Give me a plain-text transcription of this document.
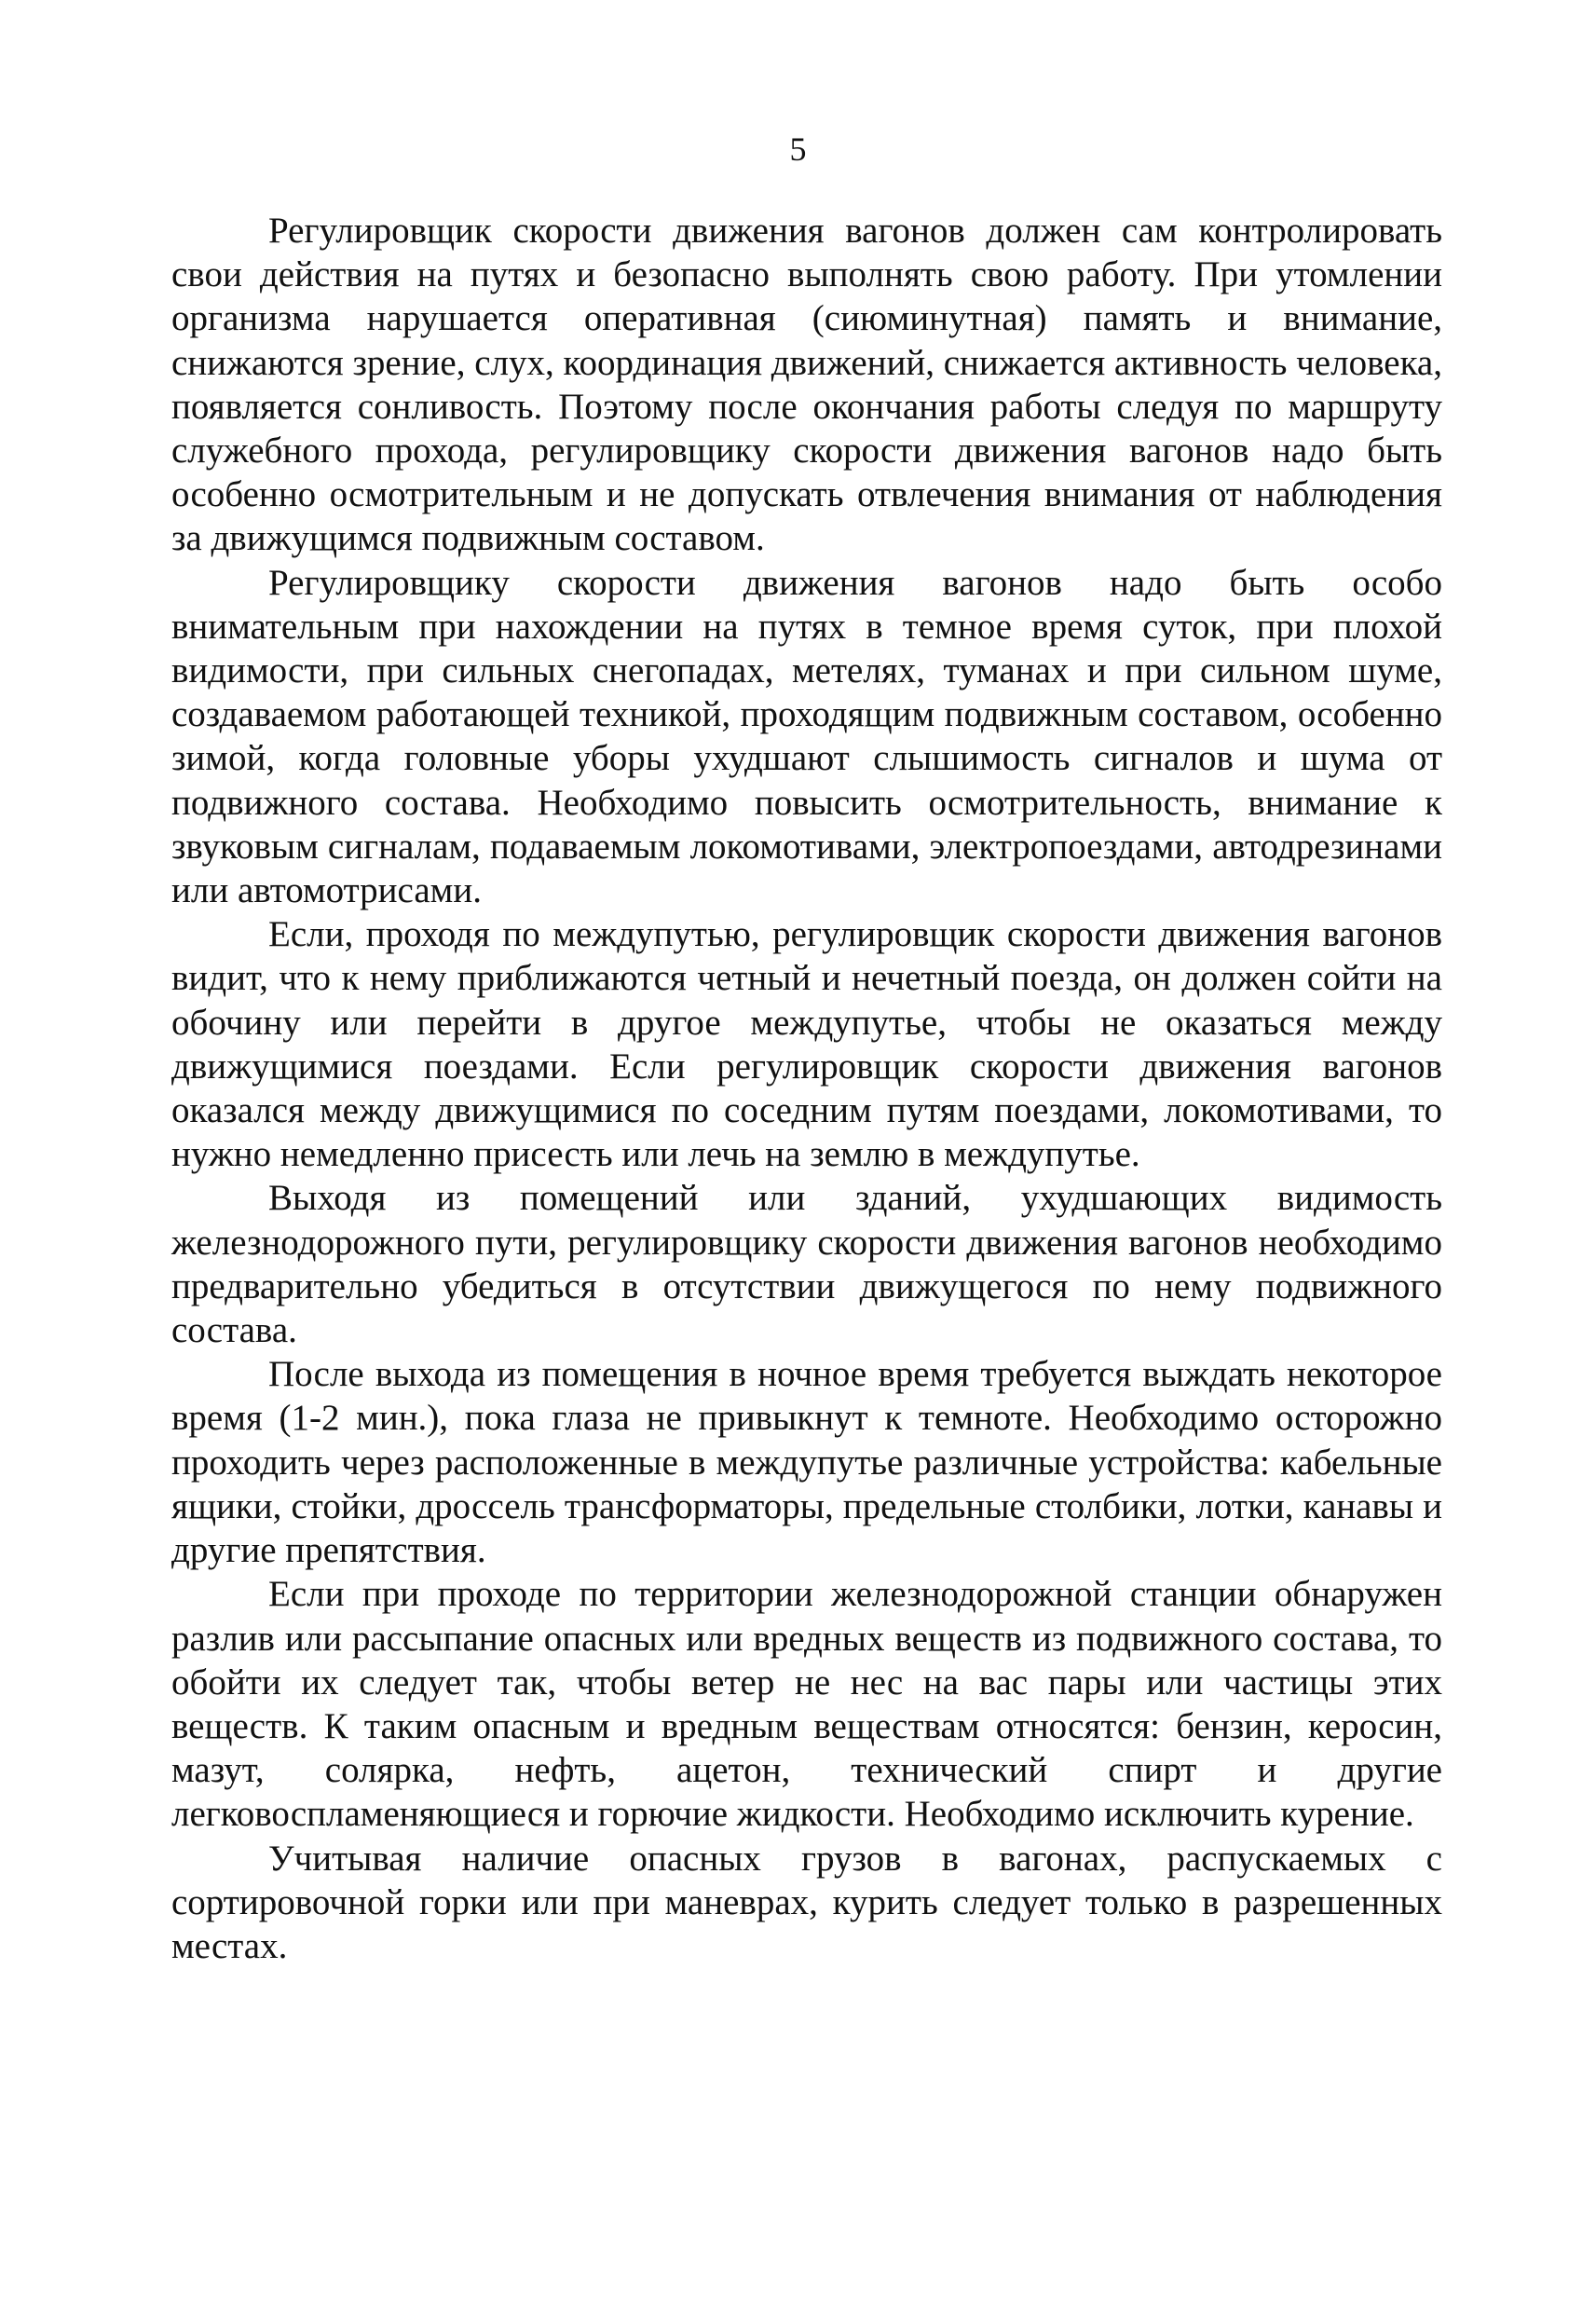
5

Регулировщик скорости движения вагонов должен сам контролировать свои действия на путях и безопасно выполнять свою работу. При утомлении организма нарушается оперативная (сиюминутная) память и внимание, снижаются зрение, слух, координация движений, снижается активность человека, появляется сонливость. Поэтому после окончания работы следуя по маршруту служебного прохода, регулировщику скорости движения вагонов надо быть особенно осмотрительным и не допускать отвлечения внимания от наблюдения за движущимся подвижным составом.

Регулировщику скорости движения вагонов надо быть особо внимательным при нахождении на путях в темное время суток, при плохой видимости, при сильных снегопадах, метелях, туманах и при сильном шуме, создаваемом работающей техникой, проходящим подвижным составом, особенно зимой, когда головные уборы ухудшают слышимость сигналов и шума от подвижного состава. Необходимо повысить осмотрительность, внимание к звуковым сигналам, подаваемым локомотивами, электропоездами, автодрезинами или автомотрисами.

Если, проходя по междупутью, регулировщик скорости движения вагонов видит, что к нему приближаются четный и нечетный поезда, он должен сойти на обочину или перейти в другое междупутье, чтобы не оказаться между движущимися поездами. Если регулировщик скорости движения вагонов оказался между движущимися по соседним путям поездами, локомотивами, то нужно немедленно присесть или лечь на землю в междупутье.

Выходя из помещений или зданий, ухудшающих видимость железнодорожного пути, регулировщику скорости движения вагонов необходимо предварительно убедиться в отсутствии движущегося по нему подвижного состава.

После выхода из помещения в ночное время требуется выждать некоторое время (1-2 мин.), пока глаза не привыкнут к темноте. Необходимо осторожно проходить через расположенные в междупутье различные устройства: кабельные ящики, стойки, дроссель трансформаторы, предельные столбики, лотки, канавы и другие препятствия.

Если при проходе по территории железнодорожной станции обнаружен разлив или рассыпание опасных или вредных веществ из подвижного состава, то обойти их следует так, чтобы ветер не нес на вас пары или частицы этих веществ. К таким опасным и вредным веществам относятся: бензин, керосин, мазут, солярка, нефть, ацетон, технический спирт и другие легковоспламеняющиеся и горючие жидкости. Необходимо исключить курение.

Учитывая наличие опасных грузов в вагонах, распускаемых с сортировочной горки или при маневрах, курить следует только в разрешенных местах.
